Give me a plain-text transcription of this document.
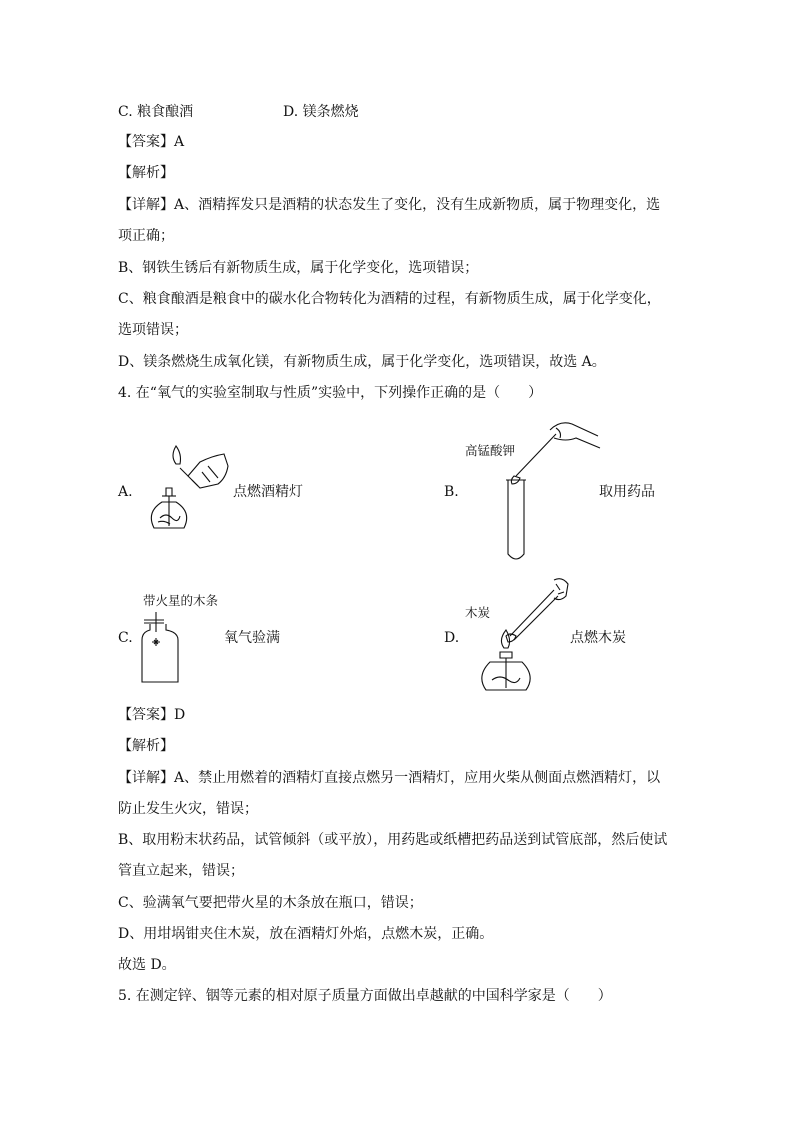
C. 粮食酿酒	D. 镁条燃烧
【答案】A
【解析】
【详解】A、酒精挥发只是酒精的状态发生了变化，没有生成新物质，属于物理变化，选
项正确；
B、钢铁生锈后有新物质生成，属于化学变化，选项错误；
C、粮食酿酒是粮食中的碳水化合物转化为酒精的过程，有新物质生成，属于化学变化，
选项错误；
D、镁条燃烧生成氧化镁，有新物质生成，属于化学变化，选项错误，故选 A。
4. 在“氧气的实验室制取与性质”实验中，下列操作正确的是（　　）
A.	点燃酒精灯	B.
高锰酸钾
取用药品
带火星的木条
C.	氧气验满	D.
木炭
点燃木炭
【答案】D
【解析】
【详解】A、禁止用燃着的酒精灯直接点燃另一酒精灯，应用火柴从侧面点燃酒精灯，以
防止发生火灾，错误；
B、取用粉末状药品，试管倾斜（或平放），用药匙或纸槽把药品送到试管底部，然后使试
管直立起来，错误；
C、验满氧气要把带火星的木条放在瓶口，错误；
D、用坩埚钳夹住木炭，放在酒精灯外焰，点燃木炭，正确。
故选 D。
5. 在测定锌、铟等元素的相对原子质量方面做出卓越献的中国科学家是（　　）
